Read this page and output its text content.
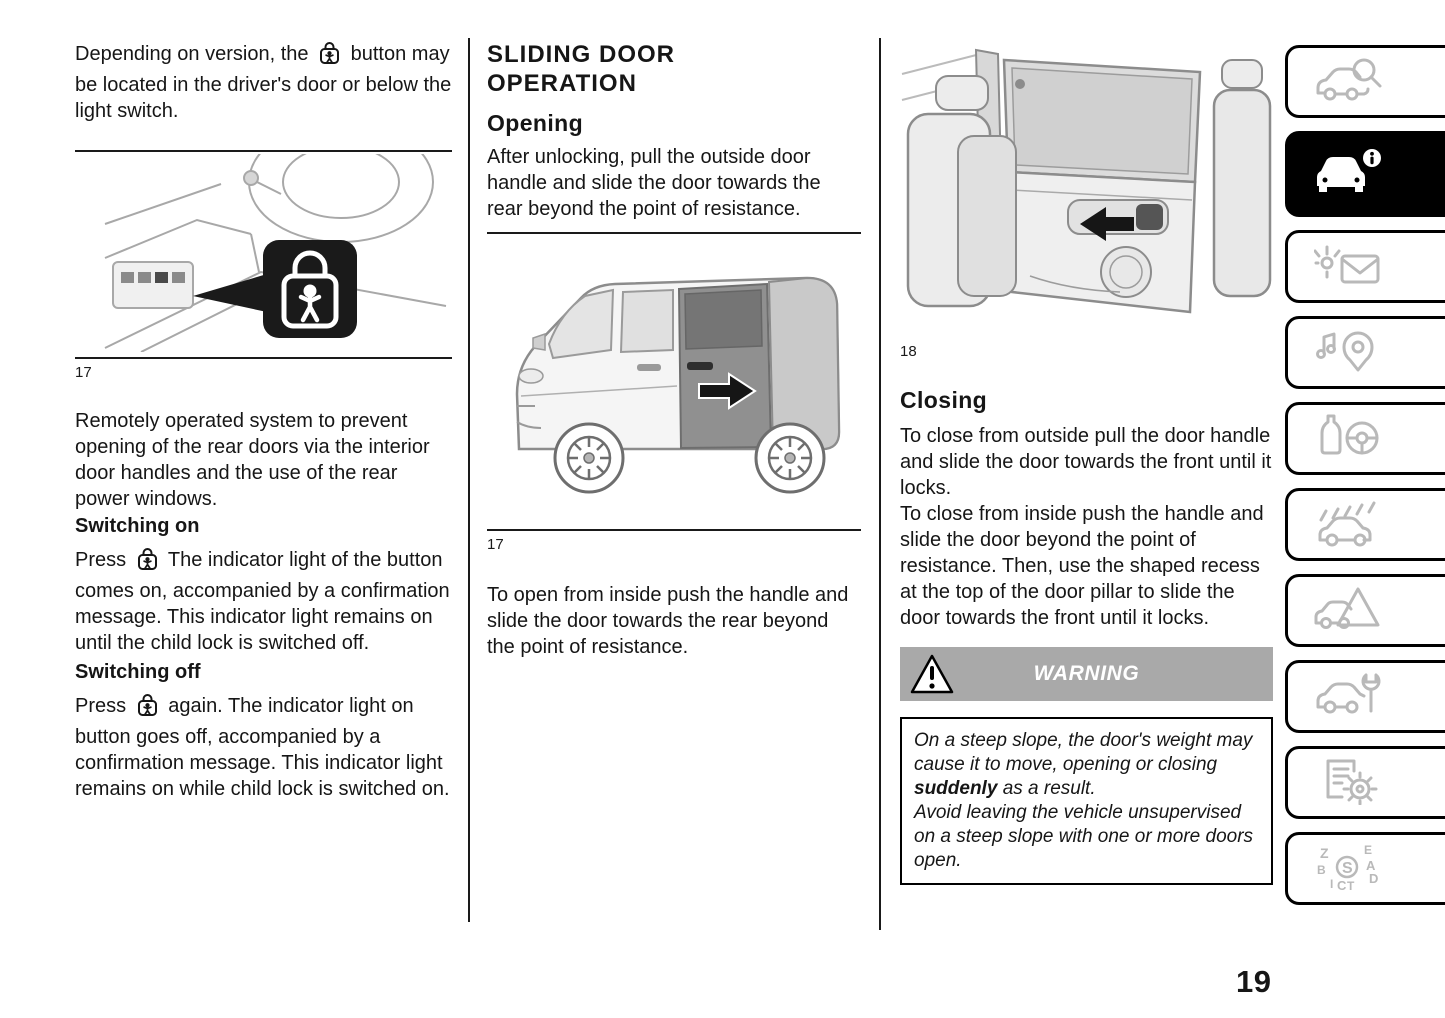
Depending on version, the button may be located in the driver's door or below the light switch.

17

Remotely operated system to prevent opening of the rear doors via the interior door handles and the use of the rear power windows.

Switching on

Press The indicator light of the button comes on, accompanied by a confirmation message. This indicator light remains on until the child lock is switched off.

Switching off

Press again. The indicator light on button goes off, accompanied by a confirmation message. This indicator light remains on while child lock is switched on.

SLIDING DOOR OPERATION
Opening

After unlocking, pull the outside door handle and slide the door towards the rear beyond the point of resistance.

17

To open from inside push the handle and slide the door towards the rear beyond the point of resistance.

18
Closing

To close from outside pull the door handle and slide the door towards the front until it locks.

To close from inside push the handle and slide the door beyond the point of resistance. Then, use the shaped recess at the top of the door pillar to slide the door towards the front until it locks.

WARNING

On a steep slope, the door's weight may cause it to move, opening or closing suddenly as a result.

Avoid leaving the vehicle unsupervised on a steep slope with one or more doors open.	Z	E
B	A
D
I C T
S
19
